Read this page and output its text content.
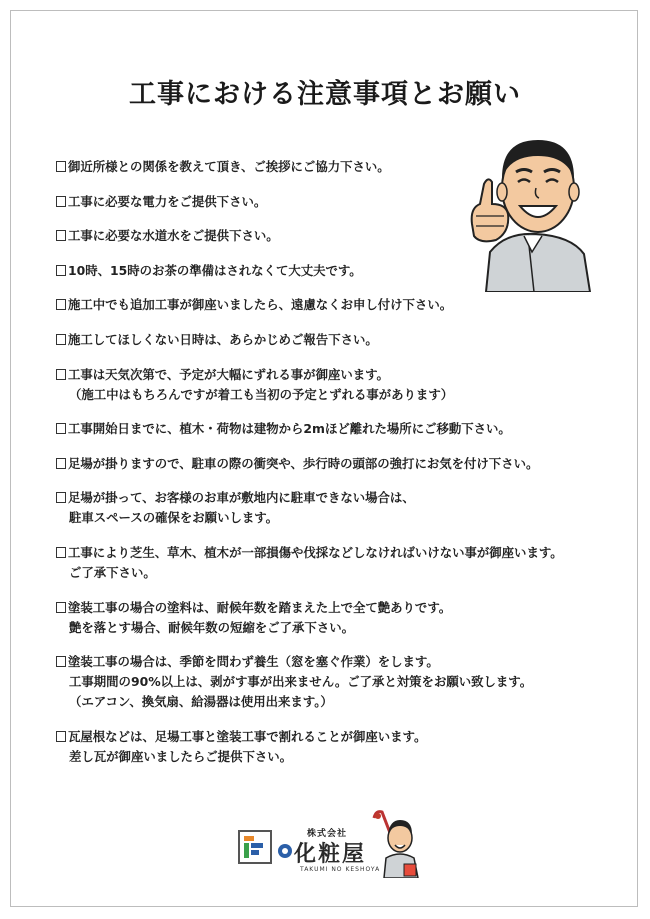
工事における注意事項とお願い
御近所様との関係を教えて頂き、ご挨拶にご協力下さい。
工事に必要な電力をご提供下さい。
工事に必要な水道水をご提供下さい。
10時、15時のお茶の準備はされなくて大丈夫です。
施工中でも追加工事が御座いましたら、遠慮なくお申し付け下さい。
施工してほしくない日時は、あらかじめご報告下さい。
工事は天気次第で、予定が大幅にずれる事が御座います。
（施工中はもちろんですが着工も当初の予定とずれる事があります）
工事開始日までに、植木・荷物は建物から2mほど離れた場所にご移動下さい。
足場が掛りますので、駐車の際の衝突や、歩行時の頭部の強打にお気を付け下さい。
足場が掛って、お客様のお車が敷地内に駐車できない場合は、
駐車スペースの確保をお願いします。
工事により芝生、草木、植木が一部損傷や伐採などしなければいけない事が御座います。
ご了承下さい。
塗装工事の場合の塗料は、耐候年数を踏まえた上で全て艶ありです。
艶を落とす場合、耐候年数の短縮をご了承下さい。
塗装工事の場合は、季節を問わず養生（窓を塞ぐ作業）をします。
工事期間の90%以上は、剥がす事が出来ません。ご了承と対策をお願い致します。
（エアコン、換気扇、給湯器は使用出来ます。）
瓦屋根などは、足場工事と塗装工事で割れることが御座います。
差し瓦が御座いましたらご提供下さい。
株式会社
化粧屋
TAKUMI NO KESHOYA
